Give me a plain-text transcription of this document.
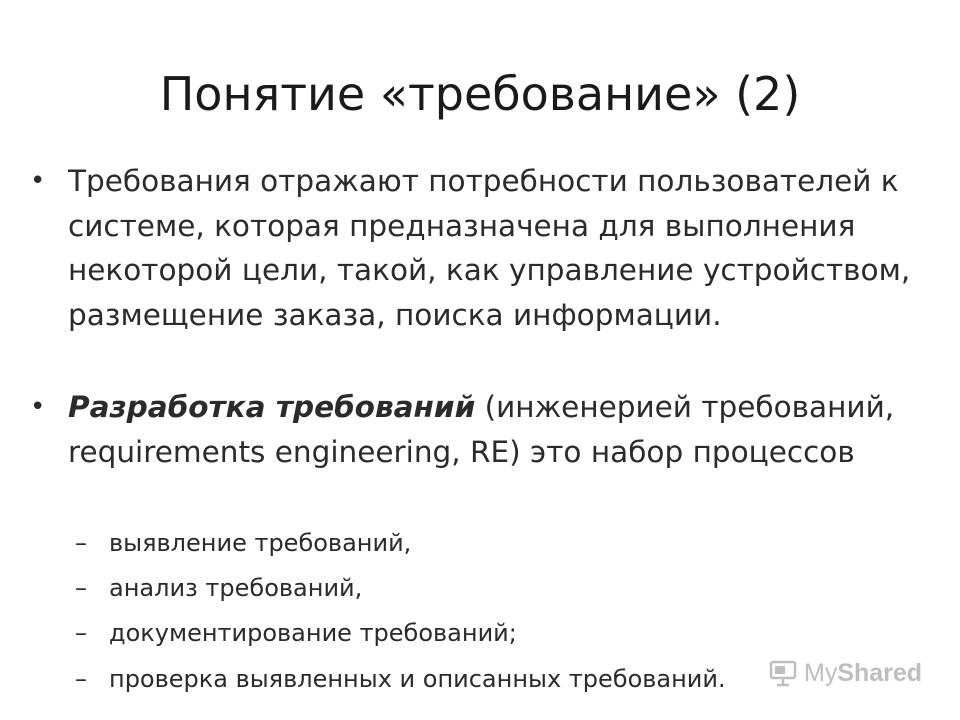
Понятие «требование» (2)
• Требования отражают потребности пользователей к системе, которая предназначена для выполнения некоторой цели, такой, как управление устройством, размещение заказа, поиска информации.
• Разработка требований (инженерией требований, requirements engineering, RE) это набор процессов
– выявление требований,
– анализ требований,
– документирование требований;
– проверка выявленных и описанных требований.	My Shared
